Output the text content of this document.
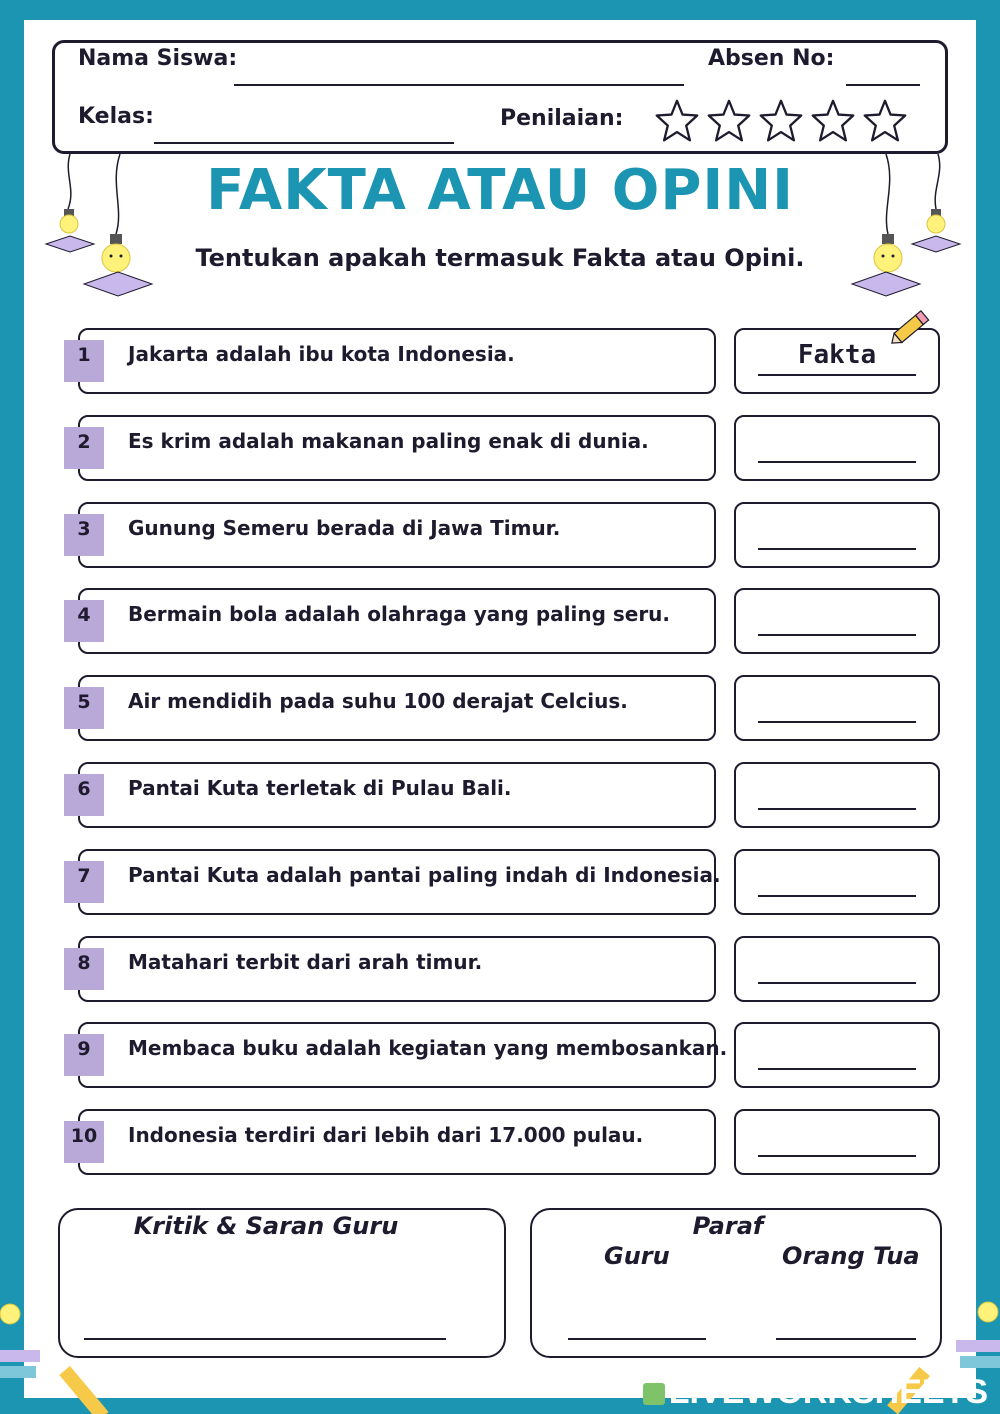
Nama Siswa:	Absen No:
Kelas:	Penilaian:
FAKTA ATAU OPINI
Tentukan apakah termasuk Fakta atau Opini.
1	Jakarta adalah ibu kota Indonesia.	Fakta
2	Es krim adalah makanan paling enak di dunia.
3	Gunung Semeru berada di Jawa Timur.
4	Bermain bola adalah olahraga yang paling seru.
5	Air mendidih pada suhu 100 derajat Celcius.
6	Pantai Kuta terletak di Pulau Bali.
7	Pantai Kuta adalah pantai paling indah di Indonesia.
8	Matahari terbit dari arah timur.
9	Membaca buku adalah kegiatan yang membosankan.
10	Indonesia terdiri dari lebih dari 17.000 pulau.
Kritik & Saran Guru	Paraf
Guru	Orang Tua
LIVEWORKSHEETS
